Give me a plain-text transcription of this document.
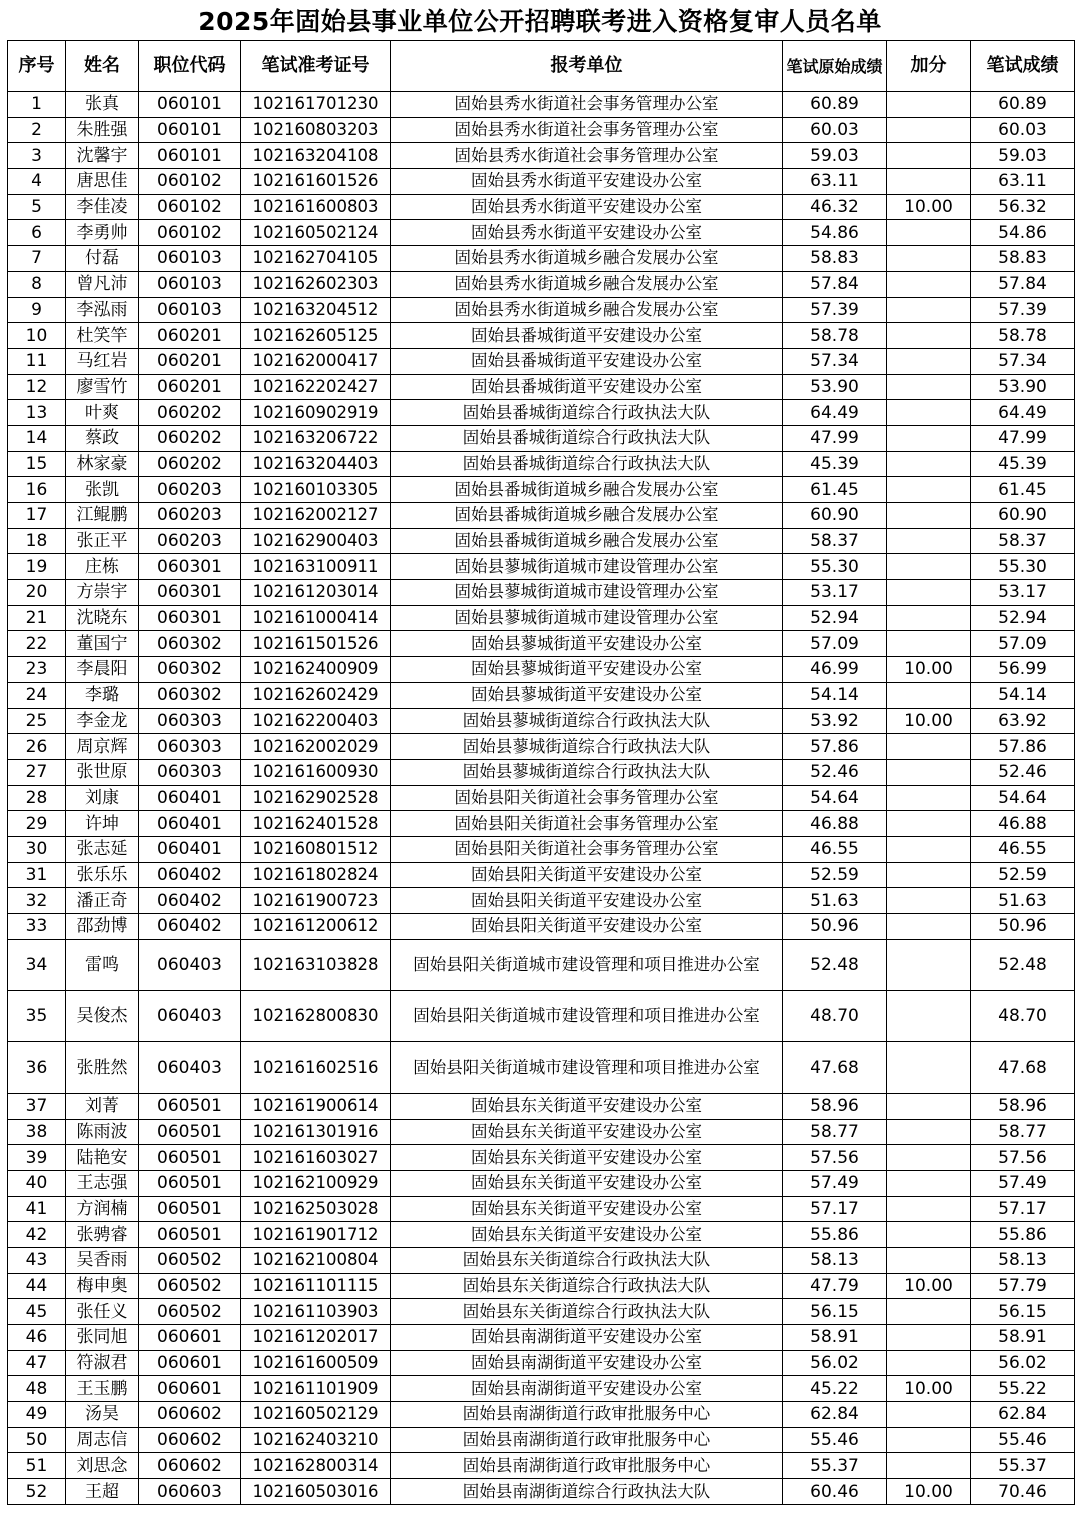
2025年固始县事业单位公开招聘联考进入资格复审人员名单
序号	姓名	职位代码	笔试准考证号	报考单位	笔试原始成绩	加分	笔试成绩
1	张真	060101	102161701230	固始县秀水街道社会事务管理办公室	60.89		60.89
2	朱胜强	060101	102160803203	固始县秀水街道社会事务管理办公室	60.03		60.03
3	沈馨宇	060101	102163204108	固始县秀水街道社会事务管理办公室	59.03		59.03
4	唐思佳	060102	102161601526	固始县秀水街道平安建设办公室	63.11		63.11
5	李佳凌	060102	102161600803	固始县秀水街道平安建设办公室	46.32	10.00	56.32
6	李勇帅	060102	102160502124	固始县秀水街道平安建设办公室	54.86		54.86
7	付磊	060103	102162704105	固始县秀水街道城乡融合发展办公室	58.83		58.83
8	曾凡沛	060103	102162602303	固始县秀水街道城乡融合发展办公室	57.84		57.84
9	李泓雨	060103	102163204512	固始县秀水街道城乡融合发展办公室	57.39		57.39
10	杜笑竿	060201	102162605125	固始县番城街道平安建设办公室	58.78		58.78
11	马红岩	060201	102162000417	固始县番城街道平安建设办公室	57.34		57.34
12	廖雪竹	060201	102162202427	固始县番城街道平安建设办公室	53.90		53.90
13	叶爽	060202	102160902919	固始县番城街道综合行政执法大队	64.49		64.49
14	蔡政	060202	102163206722	固始县番城街道综合行政执法大队	47.99		47.99
15	林家豪	060202	102163204403	固始县番城街道综合行政执法大队	45.39		45.39
16	张凯	060203	102160103305	固始县番城街道城乡融合发展办公室	61.45		61.45
17	江鲲鹏	060203	102162002127	固始县番城街道城乡融合发展办公室	60.90		60.90
18	张正平	060203	102162900403	固始县番城街道城乡融合发展办公室	58.37		58.37
19	庄栋	060301	102163100911	固始县蓼城街道城市建设管理办公室	55.30		55.30
20	方崇宇	060301	102161203014	固始县蓼城街道城市建设管理办公室	53.17		53.17
21	沈晓东	060301	102161000414	固始县蓼城街道城市建设管理办公室	52.94		52.94
22	董国宁	060302	102161501526	固始县蓼城街道平安建设办公室	57.09		57.09
23	李晨阳	060302	102162400909	固始县蓼城街道平安建设办公室	46.99	10.00	56.99
24	李璐	060302	102162602429	固始县蓼城街道平安建设办公室	54.14		54.14
25	李金龙	060303	102162200403	固始县蓼城街道综合行政执法大队	53.92	10.00	63.92
26	周京辉	060303	102162002029	固始县蓼城街道综合行政执法大队	57.86		57.86
27	张世原	060303	102161600930	固始县蓼城街道综合行政执法大队	52.46		52.46
28	刘康	060401	102162902528	固始县阳关街道社会事务管理办公室	54.64		54.64
29	许坤	060401	102162401528	固始县阳关街道社会事务管理办公室	46.88		46.88
30	张志延	060401	102160801512	固始县阳关街道社会事务管理办公室	46.55		46.55
31	张乐乐	060402	102161802824	固始县阳关街道平安建设办公室	52.59		52.59
32	潘正奇	060402	102161900723	固始县阳关街道平安建设办公室	51.63		51.63
33	邵劲博	060402	102161200612	固始县阳关街道平安建设办公室	50.96		50.96
34	雷鸣	060403	102163103828	固始县阳关街道城市建设管理和项目推进办公室	52.48		52.48
35	吴俊杰	060403	102162800830	固始县阳关街道城市建设管理和项目推进办公室	48.70		48.70
36	张胜然	060403	102161602516	固始县阳关街道城市建设管理和项目推进办公室	47.68		47.68
37	刘菁	060501	102161900614	固始县东关街道平安建设办公室	58.96		58.96
38	陈雨波	060501	102161301916	固始县东关街道平安建设办公室	58.77		58.77
39	陆艳安	060501	102161603027	固始县东关街道平安建设办公室	57.56		57.56
40	王志强	060501	102162100929	固始县东关街道平安建设办公室	57.49		57.49
41	方润楠	060501	102162503028	固始县东关街道平安建设办公室	57.17		57.17
42	张骋睿	060501	102161901712	固始县东关街道平安建设办公室	55.86		55.86
43	吴香雨	060502	102162100804	固始县东关街道综合行政执法大队	58.13		58.13
44	梅申奥	060502	102161101115	固始县东关街道综合行政执法大队	47.79	10.00	57.79
45	张任义	060502	102161103903	固始县东关街道综合行政执法大队	56.15		56.15
46	张同旭	060601	102161202017	固始县南湖街道平安建设办公室	58.91		58.91
47	符淑君	060601	102161600509	固始县南湖街道平安建设办公室	56.02		56.02
48	王玉鹏	060601	102161101909	固始县南湖街道平安建设办公室	45.22	10.00	55.22
49	汤昊	060602	102160502129	固始县南湖街道行政审批服务中心	62.84		62.84
50	周志信	060602	102162403210	固始县南湖街道行政审批服务中心	55.46		55.46
51	刘思念	060602	102162800314	固始县南湖街道行政审批服务中心	55.37		55.37
52	王超	060603	102160503016	固始县南湖街道综合行政执法大队	60.46	10.00	70.46
